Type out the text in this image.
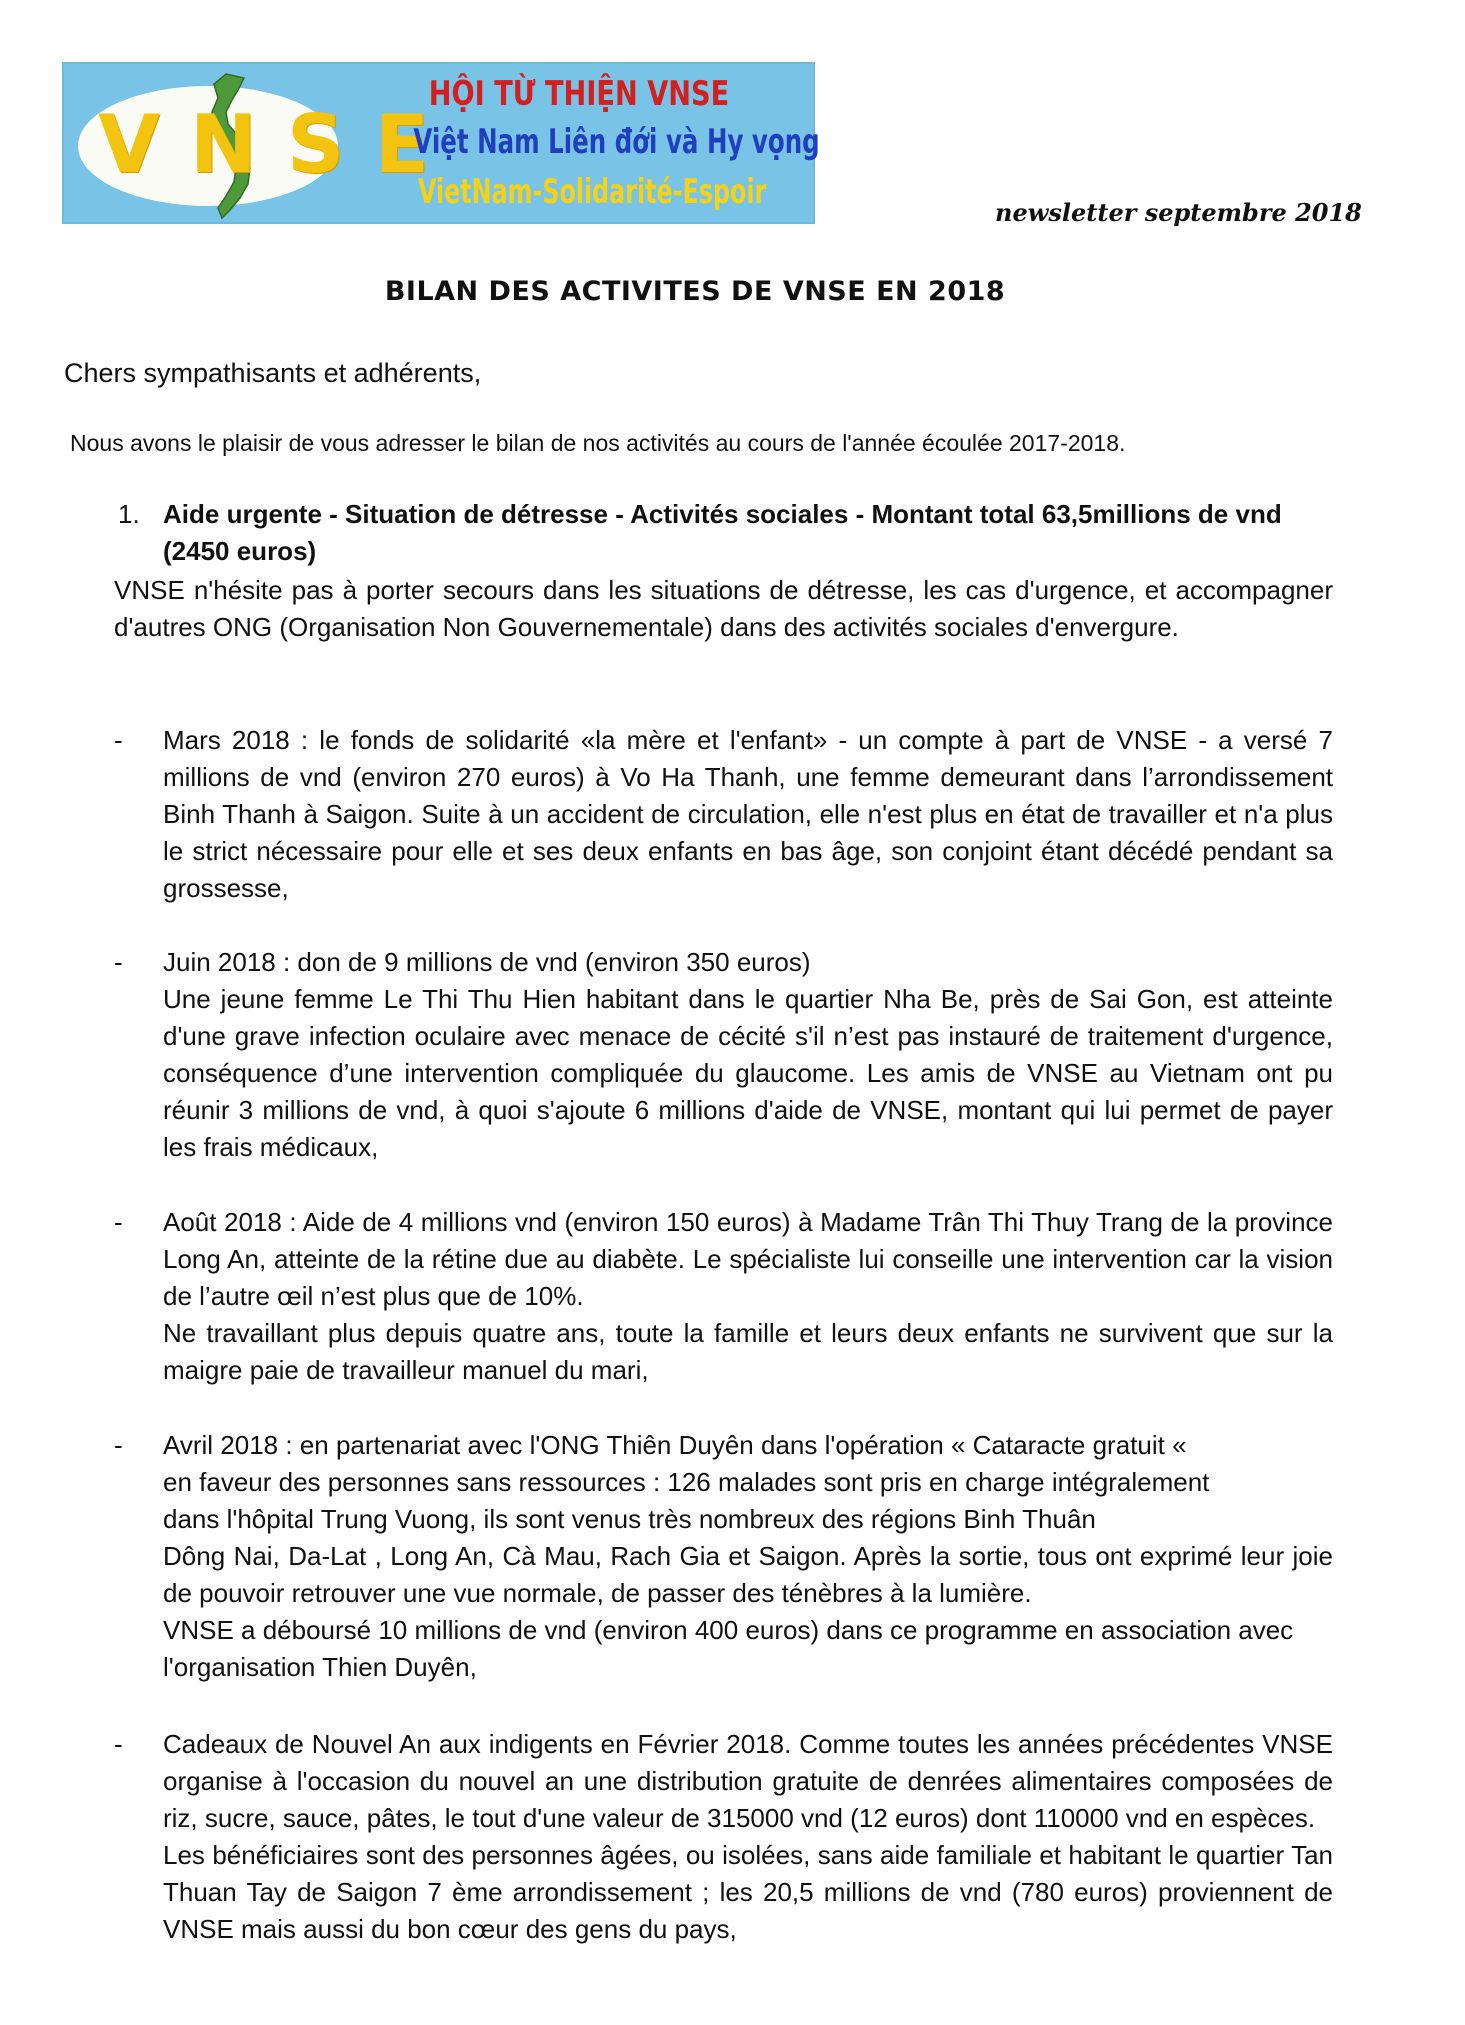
VNSE
HỘI TỪ THIỆN VNSE
Việt Nam Liên đới và Hy vọng
VietNam-Solidarité-Espoir
newsletter septembre 2018
BILAN DES ACTIVITES DE VNSE EN 2018
Chers sympathisants et adhérents,
Nous avons le plaisir de vous adresser le bilan de nos activités au cours de l'année écoulée 2017-2018.
1. Aide urgente - Situation de détresse - Activités sociales - Montant total 63,5millions de vnd (2450 euros)
VNSE n'hésite pas à porter secours dans les situations de détresse, les cas d'urgence, et accompagner d'autres ONG (Organisation Non Gouvernementale) dans des activités sociales d'envergure.
- Mars 2018 : le fonds de solidarité «la mère et l'enfant» - un compte à part de VNSE - a versé 7 millions de vnd (environ 270 euros) à Vo Ha Thanh, une femme demeurant dans l’arrondissement Binh Thanh à Saigon. Suite à un accident de circulation, elle n'est plus en état de travailler et n'a plus le strict nécessaire pour elle et ses deux enfants en bas âge, son conjoint étant décédé pendant sa grossesse,

- Juin 2018 : don de 9 millions de vnd (environ 350 euros)

Une jeune femme Le Thi Thu Hien habitant dans le quartier Nha Be, près de Sai Gon, est atteinte d'une grave infection oculaire avec menace de cécité s'il n’est pas instauré de traitement d'urgence, conséquence d’une intervention compliquée du glaucome. Les amis de VNSE au Vietnam ont pu réunir 3 millions de vnd, à quoi s'ajoute 6 millions d'aide de VNSE, montant qui lui permet de payer les frais médicaux,

- Août 2018 : Aide de 4 millions vnd (environ 150 euros) à Madame Trân Thi Thuy Trang de la province Long An, atteinte de la rétine due au diabète. Le spécialiste lui conseille une intervention car la vision de l’autre œil n’est plus que de 10%.

Ne travaillant plus depuis quatre ans, toute la famille et leurs deux enfants ne survivent que sur la maigre paie de travailleur manuel du mari,

- Avril 2018 : en partenariat avec l'ONG Thiên Duyên dans l'opération « Cataracte gratuit «

en faveur des personnes sans ressources : 126 malades sont pris en charge intégralement

dans l'hôpital Trung Vuong, ils sont venus très nombreux des régions Binh Thuân

Dông Nai, Da-Lat , Long An, Cà Mau, Rach Gia et Saigon. Après la sortie, tous ont exprimé leur joie de pouvoir retrouver une vue normale, de passer des ténèbres à la lumière.

VNSE a déboursé 10 millions de vnd (environ 400 euros) dans ce programme en association avec l'organisation Thien Duyên,

- Cadeaux de Nouvel An aux indigents en Février 2018. Comme toutes les années précédentes VNSE organise à l'occasion du nouvel an une distribution gratuite de denrées alimentaires composées de riz, sucre, sauce, pâtes, le tout d'une valeur de 315000 vnd (12 euros) dont 110000 vnd en espèces.

Les bénéficiaires sont des personnes âgées, ou isolées, sans aide familiale et habitant le quartier Tan Thuan Tay de Saigon 7 ème arrondissement ; les 20,5 millions de vnd (780 euros) proviennent de VNSE mais aussi du bon cœur des gens du pays,
